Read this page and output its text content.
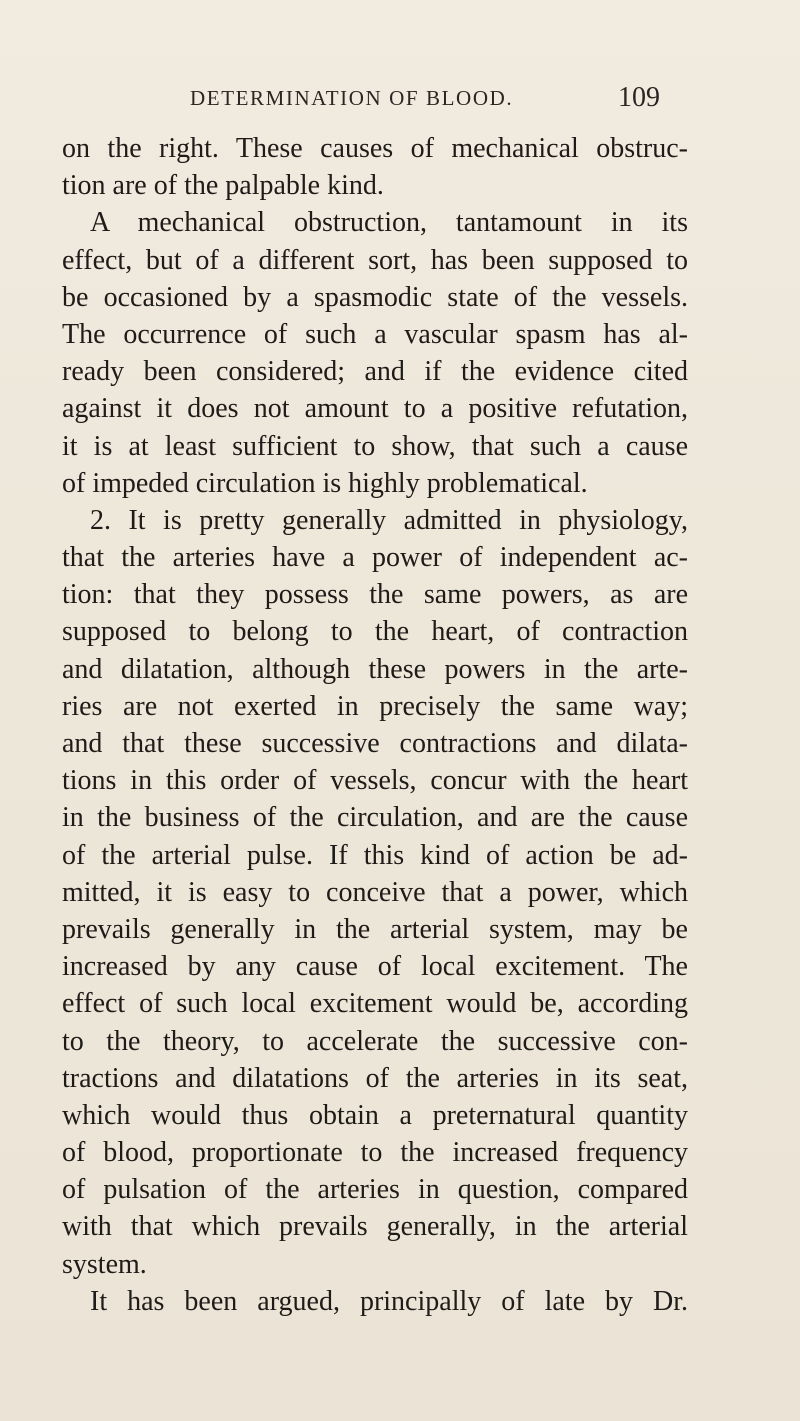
DETERMINATION OF BLOOD.	109
on the right. These causes of mechanical obstruc-
tion are of the palpable kind.
A mechanical obstruction, tantamount in its
effect, but of a different sort, has been supposed to
be occasioned by a spasmodic state of the vessels.
The occurrence of such a vascular spasm has al-
ready been considered; and if the evidence cited
against it does not amount to a positive refutation,
it is at least sufficient to show, that such a cause
of impeded circulation is highly problematical.
2. It is pretty generally admitted in physiology,
that the arteries have a power of independent ac-
tion: that they possess the same powers, as are
supposed to belong to the heart, of contraction
and dilatation, although these powers in the arte-
ries are not exerted in precisely the same way;
and that these successive contractions and dilata-
tions in this order of vessels, concur with the heart
in the business of the circulation, and are the cause
of the arterial pulse. If this kind of action be ad-
mitted, it is easy to conceive that a power, which
prevails generally in the arterial system, may be
increased by any cause of local excitement. The
effect of such local excitement would be, according
to the theory, to accelerate the successive con-
tractions and dilatations of the arteries in its seat,
which would thus obtain a preternatural quantity
of blood, proportionate to the increased frequency
of pulsation of the arteries in question, compared
with that which prevails generally, in the arterial
system.
It has been argued, principally of late by Dr.
